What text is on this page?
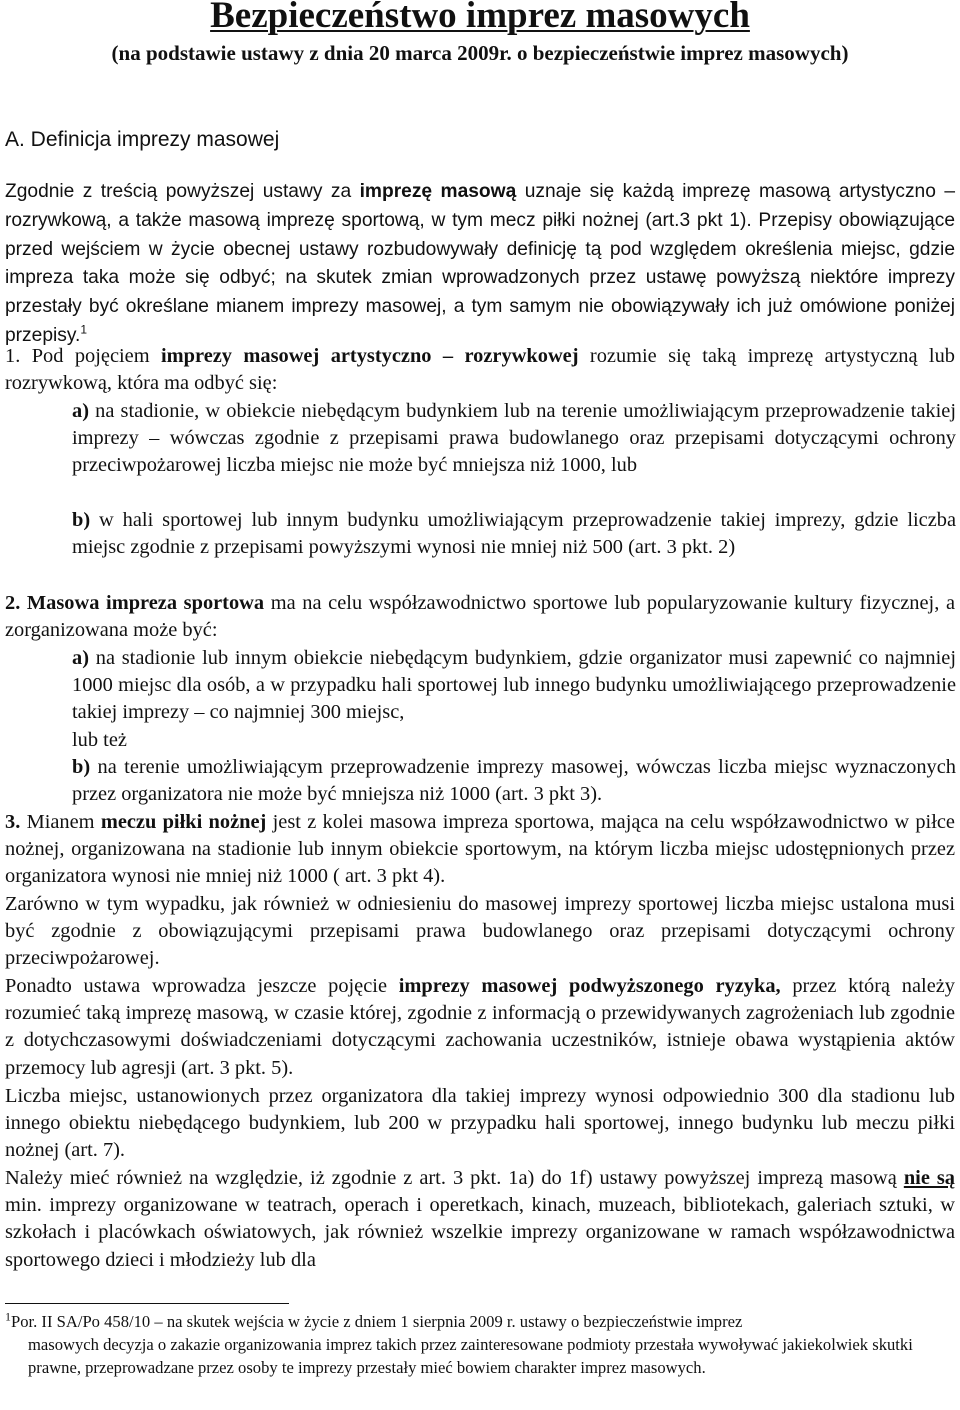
Bezpieczeństwo imprez masowych

(na podstawie ustawy z dnia 20 marca 2009r. o bezpieczeństwie imprez masowych)

A. Definicja imprezy masowej

Zgodnie z treścią powyższej ustawy za imprezę masową uznaje się każdą imprezę masową artystyczno – rozrywkową, a także masową imprezę sportową, w tym mecz piłki nożnej (art.3 pkt 1). Przepisy obowiązujące przed wejściem w życie obecnej ustawy rozbudowywały definicję tą pod względem określenia miejsc, gdzie impreza taka może się odbyć; na skutek zmian wprowadzonych przez ustawę powyższą niektóre imprezy przestały być określane mianem imprezy masowej, a tym samym nie obowiązywały ich już omówione poniżej przepisy.$^1$

1. Pod pojęciem imprezy masowej artystyczno – rozrywkowej rozumie się taką imprezę artystyczną lub rozrywkową, która ma odbyć się:

a) na stadionie, w obiekcie niebędącym budynkiem lub na terenie umożliwiającym przeprowadzenie takiej imprezy – wówczas zgodnie z przepisami prawa budowlanego oraz przepisami dotyczącymi ochrony przeciwpożarowej liczba miejsc nie może być mniejsza niż 1000, lub

b) w hali sportowej lub innym budynku umożliwiającym przeprowadzenie takiej imprezy, gdzie liczba miejsc zgodnie z przepisami powyższymi wynosi nie mniej niż 500 (art. 3 pkt. 2)

2. Masowa impreza sportowa ma na celu współzawodnictwo sportowe lub popularyzowanie kultury fizycznej, a zorganizowana może być:

a) na stadionie lub innym obiekcie niebędącym budynkiem, gdzie organizator musi zapewnić co najmniej 1000 miejsc dla osób, a w przypadku hali sportowej lub innego budynku umożliwiającego przeprowadzenie takiej imprezy – co najmniej 300 miejsc,
lub też

b) na terenie umożliwiającym przeprowadzenie imprezy masowej, wówczas liczba miejsc wyznaczonych przez organizatora nie może być mniejsza niż 1000 (art. 3 pkt 3).

3. Mianem meczu piłki nożnej jest z kolei masowa impreza sportowa, mająca na celu współzawodnictwo w piłce nożnej, organizowana na stadionie lub innym obiekcie sportowym, na którym liczba miejsc udostępnionych przez organizatora wynosi nie mniej niż 1000 ( art. 3 pkt 4).

Zarówno w tym wypadku, jak również w odniesieniu do masowej imprezy sportowej liczba miejsc ustalona musi być zgodnie z obowiązującymi przepisami prawa budowlanego oraz przepisami dotyczącymi ochrony przeciwpożarowej.

Ponadto ustawa wprowadza jeszcze pojęcie imprezy masowej podwyższonego ryzyka, przez którą należy rozumieć taką imprezę masową, w czasie której, zgodnie z informacją o przewidywanych zagrożeniach lub zgodnie z dotychczasowymi doświadczeniami dotyczącymi zachowania uczestników, istnieje obawa wystąpienia aktów przemocy lub agresji (art. 3 pkt. 5).

Liczba miejsc, ustanowionych przez organizatora dla takiej imprezy wynosi odpowiednio 300 dla stadionu lub innego obiektu niebędącego budynkiem, lub 200 w przypadku hali sportowej, innego budynku lub meczu piłki nożnej (art. 7).

Należy mieć również na względzie, iż zgodnie z art. 3 pkt. 1a) do 1f) ustawy powyższej imprezą masową nie są min. imprezy organizowane w teatrach, operach i operetkach, kinach, muzeach, bibliotekach, galeriach sztuki, w szkołach i placówkach oświatowych, jak również wszelkie imprezy organizowane w ramach współzawodnictwa sportowego dzieci i młodzieży lub dla

$^1$Por. II SA/Po 458/10 – na skutek wejścia w życie z dniem 1 sierpnia 2009 r. ustawy o bezpieczeństwie imprez

masowych decyzja o zakazie organizowania imprez takich przez zainteresowane podmioty przestała wywoływać jakiekolwiek skutki prawne, przeprowadzane przez osoby te imprezy przestały mieć bowiem charakter imprez masowych.
